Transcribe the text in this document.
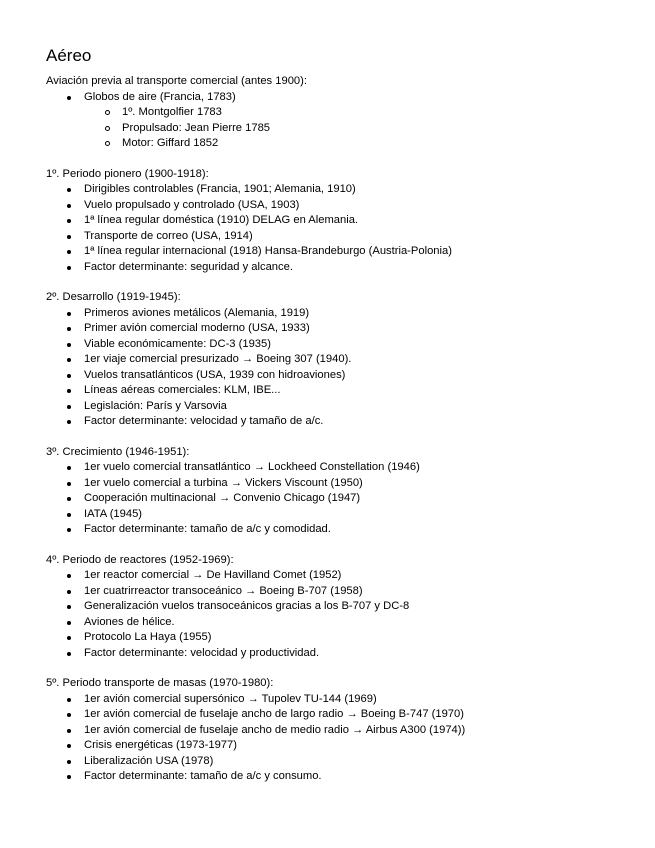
Aéreo
Aviación previa al transporte comercial (antes 1900):
Globos de aire (Francia, 1783)
1º. Montgolfier 1783
Propulsado: Jean Pierre 1785
Motor: Giffard 1852
1º. Periodo pionero (1900-1918):
Dirigibles controlables (Francia, 1901; Alemania, 1910)
Vuelo propulsado y controlado (USA, 1903)
1ª línea regular doméstica (1910) DELAG en Alemania.
Transporte de correo (USA, 1914)
1ª línea regular internacional (1918) Hansa-Brandeburgo (Austria-Polonia)
Factor determinante: seguridad y alcance.
2º. Desarrollo (1919-1945):
Primeros aviones metálicos (Alemania, 1919)
Primer avión comercial moderno (USA, 1933)
Viable económicamente: DC-3 (1935)
1er viaje comercial presurizado → Boeing 307 (1940).
Vuelos transatlánticos (USA, 1939 con hidroaviones)
Líneas aéreas comerciales: KLM, IBE...
Legislación: París y Varsovia
Factor determinante: velocidad y tamaño de a/c.
3º. Crecimiento (1946-1951):
1er vuelo comercial transatlántico → Lockheed Constellation (1946)
1er vuelo comercial a turbina → Vickers Viscount (1950)
Cooperación multinacional → Convenio Chicago (1947)
IATA (1945)
Factor determinante: tamaño de a/c y comodidad.
4º. Periodo de reactores (1952-1969):
1er reactor comercial → De Havilland Comet (1952)
1er cuatrirreactor transoceánico → Boeing B-707 (1958)
Generalización vuelos transoceánicos gracias a los B-707 y DC-8
Aviones de hélice.
Protocolo La Haya (1955)
Factor determinante: velocidad y productividad.
5º. Periodo transporte de masas (1970-1980):
1er avión comercial supersónico → Tupolev TU-144 (1969)
1er avión comercial de fuselaje ancho de largo radio → Boeing B-747 (1970)
1er avión comercial de fuselaje ancho de medio radio → Airbus A300 (1974))
Crisis energéticas (1973-1977)
Liberalización USA (1978)
Factor determinante: tamaño de a/c y consumo.
